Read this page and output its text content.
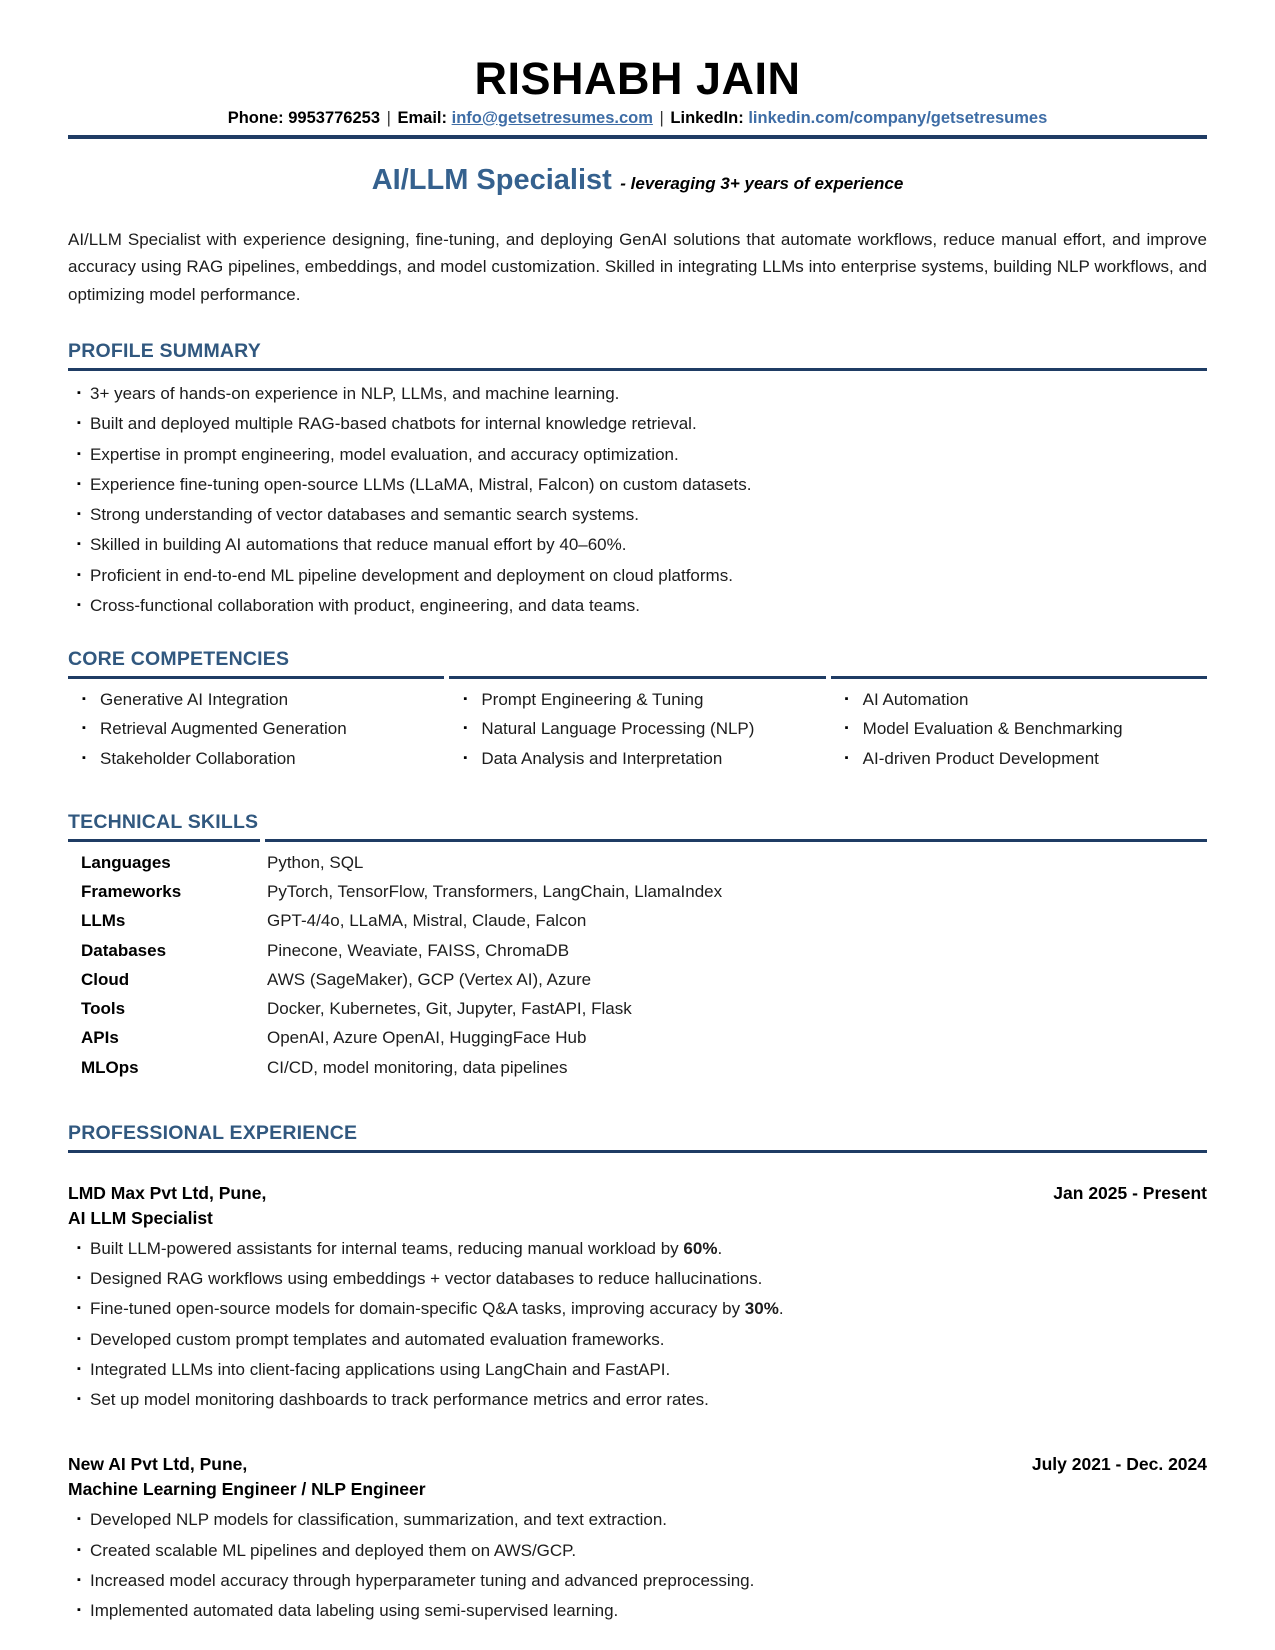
RISHABH JAIN

Phone: 9953776253 | Email: info@getsetresumes.com | LinkedIn: linkedin.com/company/getsetresumes

AI/LLM Specialist - leveraging 3+ years of experience

AI/LLM Specialist with experience designing, fine-tuning, and deploying GenAI solutions that automate workflows, reduce manual effort, and improve accuracy using RAG pipelines, embeddings, and model customization. Skilled in integrating LLMs into enterprise systems, building NLP workflows, and optimizing model performance.

PROFILE SUMMARY
▪
3+ years of hands-on experience in NLP, LLMs, and machine learning.
▪
Built and deployed multiple RAG-based chatbots for internal knowledge retrieval.
▪
Expertise in prompt engineering, model evaluation, and accuracy optimization.
▪
Experience fine-tuning open-source LLMs (LLaMA, Mistral, Falcon) on custom datasets.
▪
Strong understanding of vector databases and semantic search systems.
▪
Skilled in building AI automations that reduce manual effort by 40–60%.
▪
Proficient in end-to-end ML pipeline development and deployment on cloud platforms.
▪
Cross-functional collaboration with product, engineering, and data teams.
CORE COMPETENCIES
▪
Generative AI Integration
▪
Retrieval Augmented Generation
▪
Stakeholder Collaboration
▪
Prompt Engineering & Tuning
▪
Natural Language Processing (NLP)
▪
Data Analysis and Interpretation
▪
AI Automation
▪
Model Evaluation & Benchmarking
▪
AI-driven Product Development
TECHNICAL SKILLS
Languages
Frameworks
LLMs
Databases
Cloud
Tools
APIs
MLOps
Python, SQL
PyTorch, TensorFlow, Transformers, LangChain, LlamaIndex
GPT-4/4o, LLaMA, Mistral, Claude, Falcon
Pinecone, Weaviate, FAISS, ChromaDB
AWS (SageMaker), GCP (Vertex AI), Azure
Docker, Kubernetes, Git, Jupyter, FastAPI, Flask
OpenAI, Azure OpenAI, HuggingFace Hub
CI/CD, model monitoring, data pipelines
PROFESSIONAL EXPERIENCE
LMD Max Pvt Ltd, Pune,	Jan 2025 - Present
AI LLM Specialist
▪
Built LLM-powered assistants for internal teams, reducing manual workload by 60%.
▪
Designed RAG workflows using embeddings + vector databases to reduce hallucinations.
▪
Fine-tuned open-source models for domain-specific Q&A tasks, improving accuracy by 30%.
▪
Developed custom prompt templates and automated evaluation frameworks.
▪
Integrated LLMs into client-facing applications using LangChain and FastAPI.
▪
Set up model monitoring dashboards to track performance metrics and error rates.
New AI Pvt Ltd, Pune,	July 2021 - Dec. 2024
Machine Learning Engineer / NLP Engineer
▪
Developed NLP models for classification, summarization, and text extraction.
▪
Created scalable ML pipelines and deployed them on AWS/GCP.
▪
Increased model accuracy through hyperparameter tuning and advanced preprocessing.
▪
Implemented automated data labeling using semi-supervised learning.
